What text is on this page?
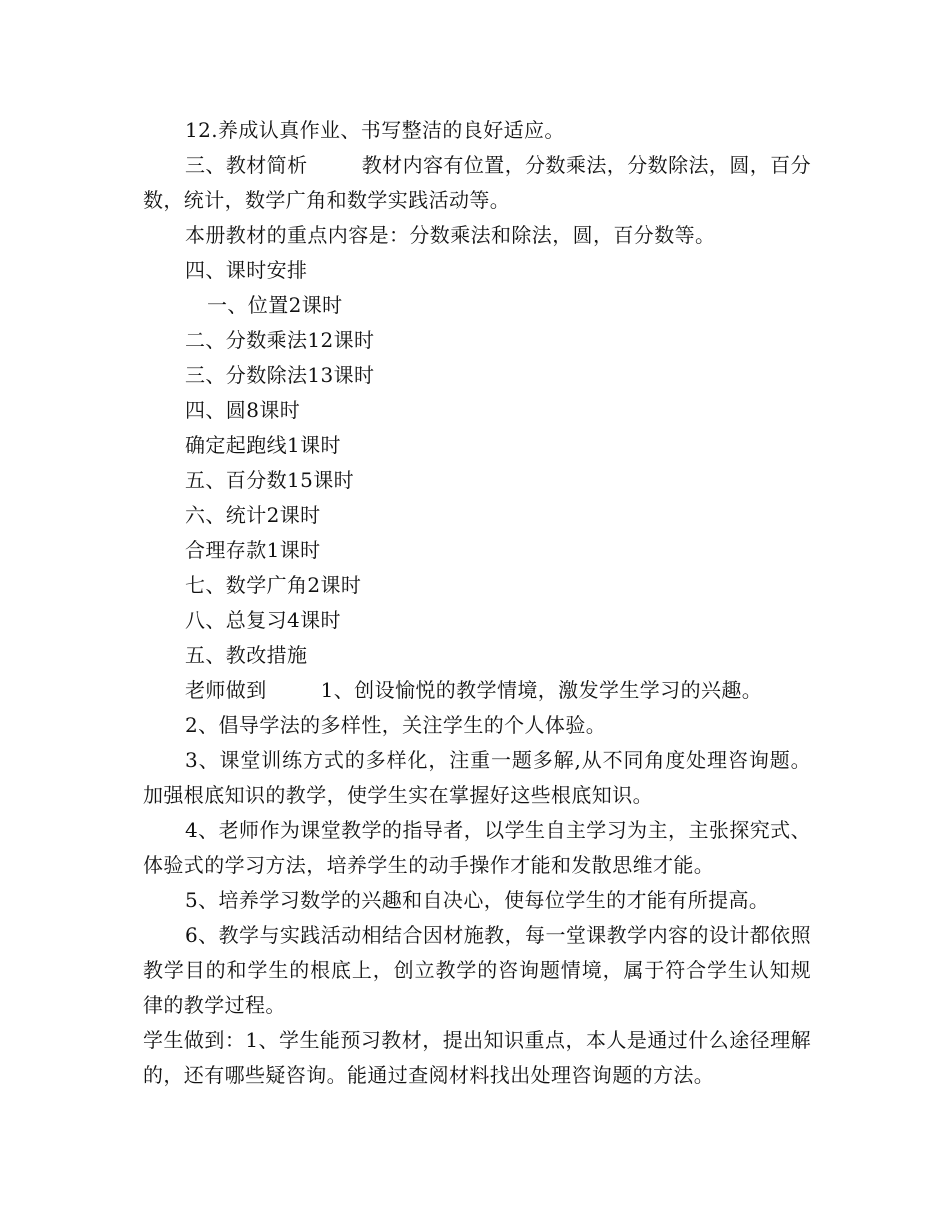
12.养成认真作业、书写整洁的良好适应。

三、教材简析        教材内容有位置，分数乘法，分数除法，圆，百分数，统计，数学广角和数学实践活动等。

本册教材的重点内容是：分数乘法和除法，圆，百分数等。

四、课时安排

一、位置2课时

二、分数乘法12课时

三、分数除法13课时

四、圆8课时

确定起跑线1课时

五、百分数15课时

六、统计2课时

合理存款1课时

七、数学广角2课时

八、总复习4课时

五、教改措施

老师做到        1、创设愉悦的教学情境，激发学生学习的兴趣。

2、倡导学法的多样性，关注学生的个人体验。

3、课堂训练方式的多样化，注重一题多解,从不同角度处理咨询题。加强根底知识的教学，使学生实在掌握好这些根底知识。

4、老师作为课堂教学的指导者，以学生自主学习为主，主张探究式、体验式的学习方法，培养学生的动手操作才能和发散思维才能。

5、培养学习数学的兴趣和自决心，使每位学生的才能有所提高。

6、教学与实践活动相结合因材施教，每一堂课教学内容的设计都依照教学目的和学生的根底上，创立教学的咨询题情境，属于符合学生认知规律的教学过程。

学生做到：1、学生能预习教材，提出知识重点，本人是通过什么途径理解的，还有哪些疑咨询。能通过查阅材料找出处理咨询题的方法。
